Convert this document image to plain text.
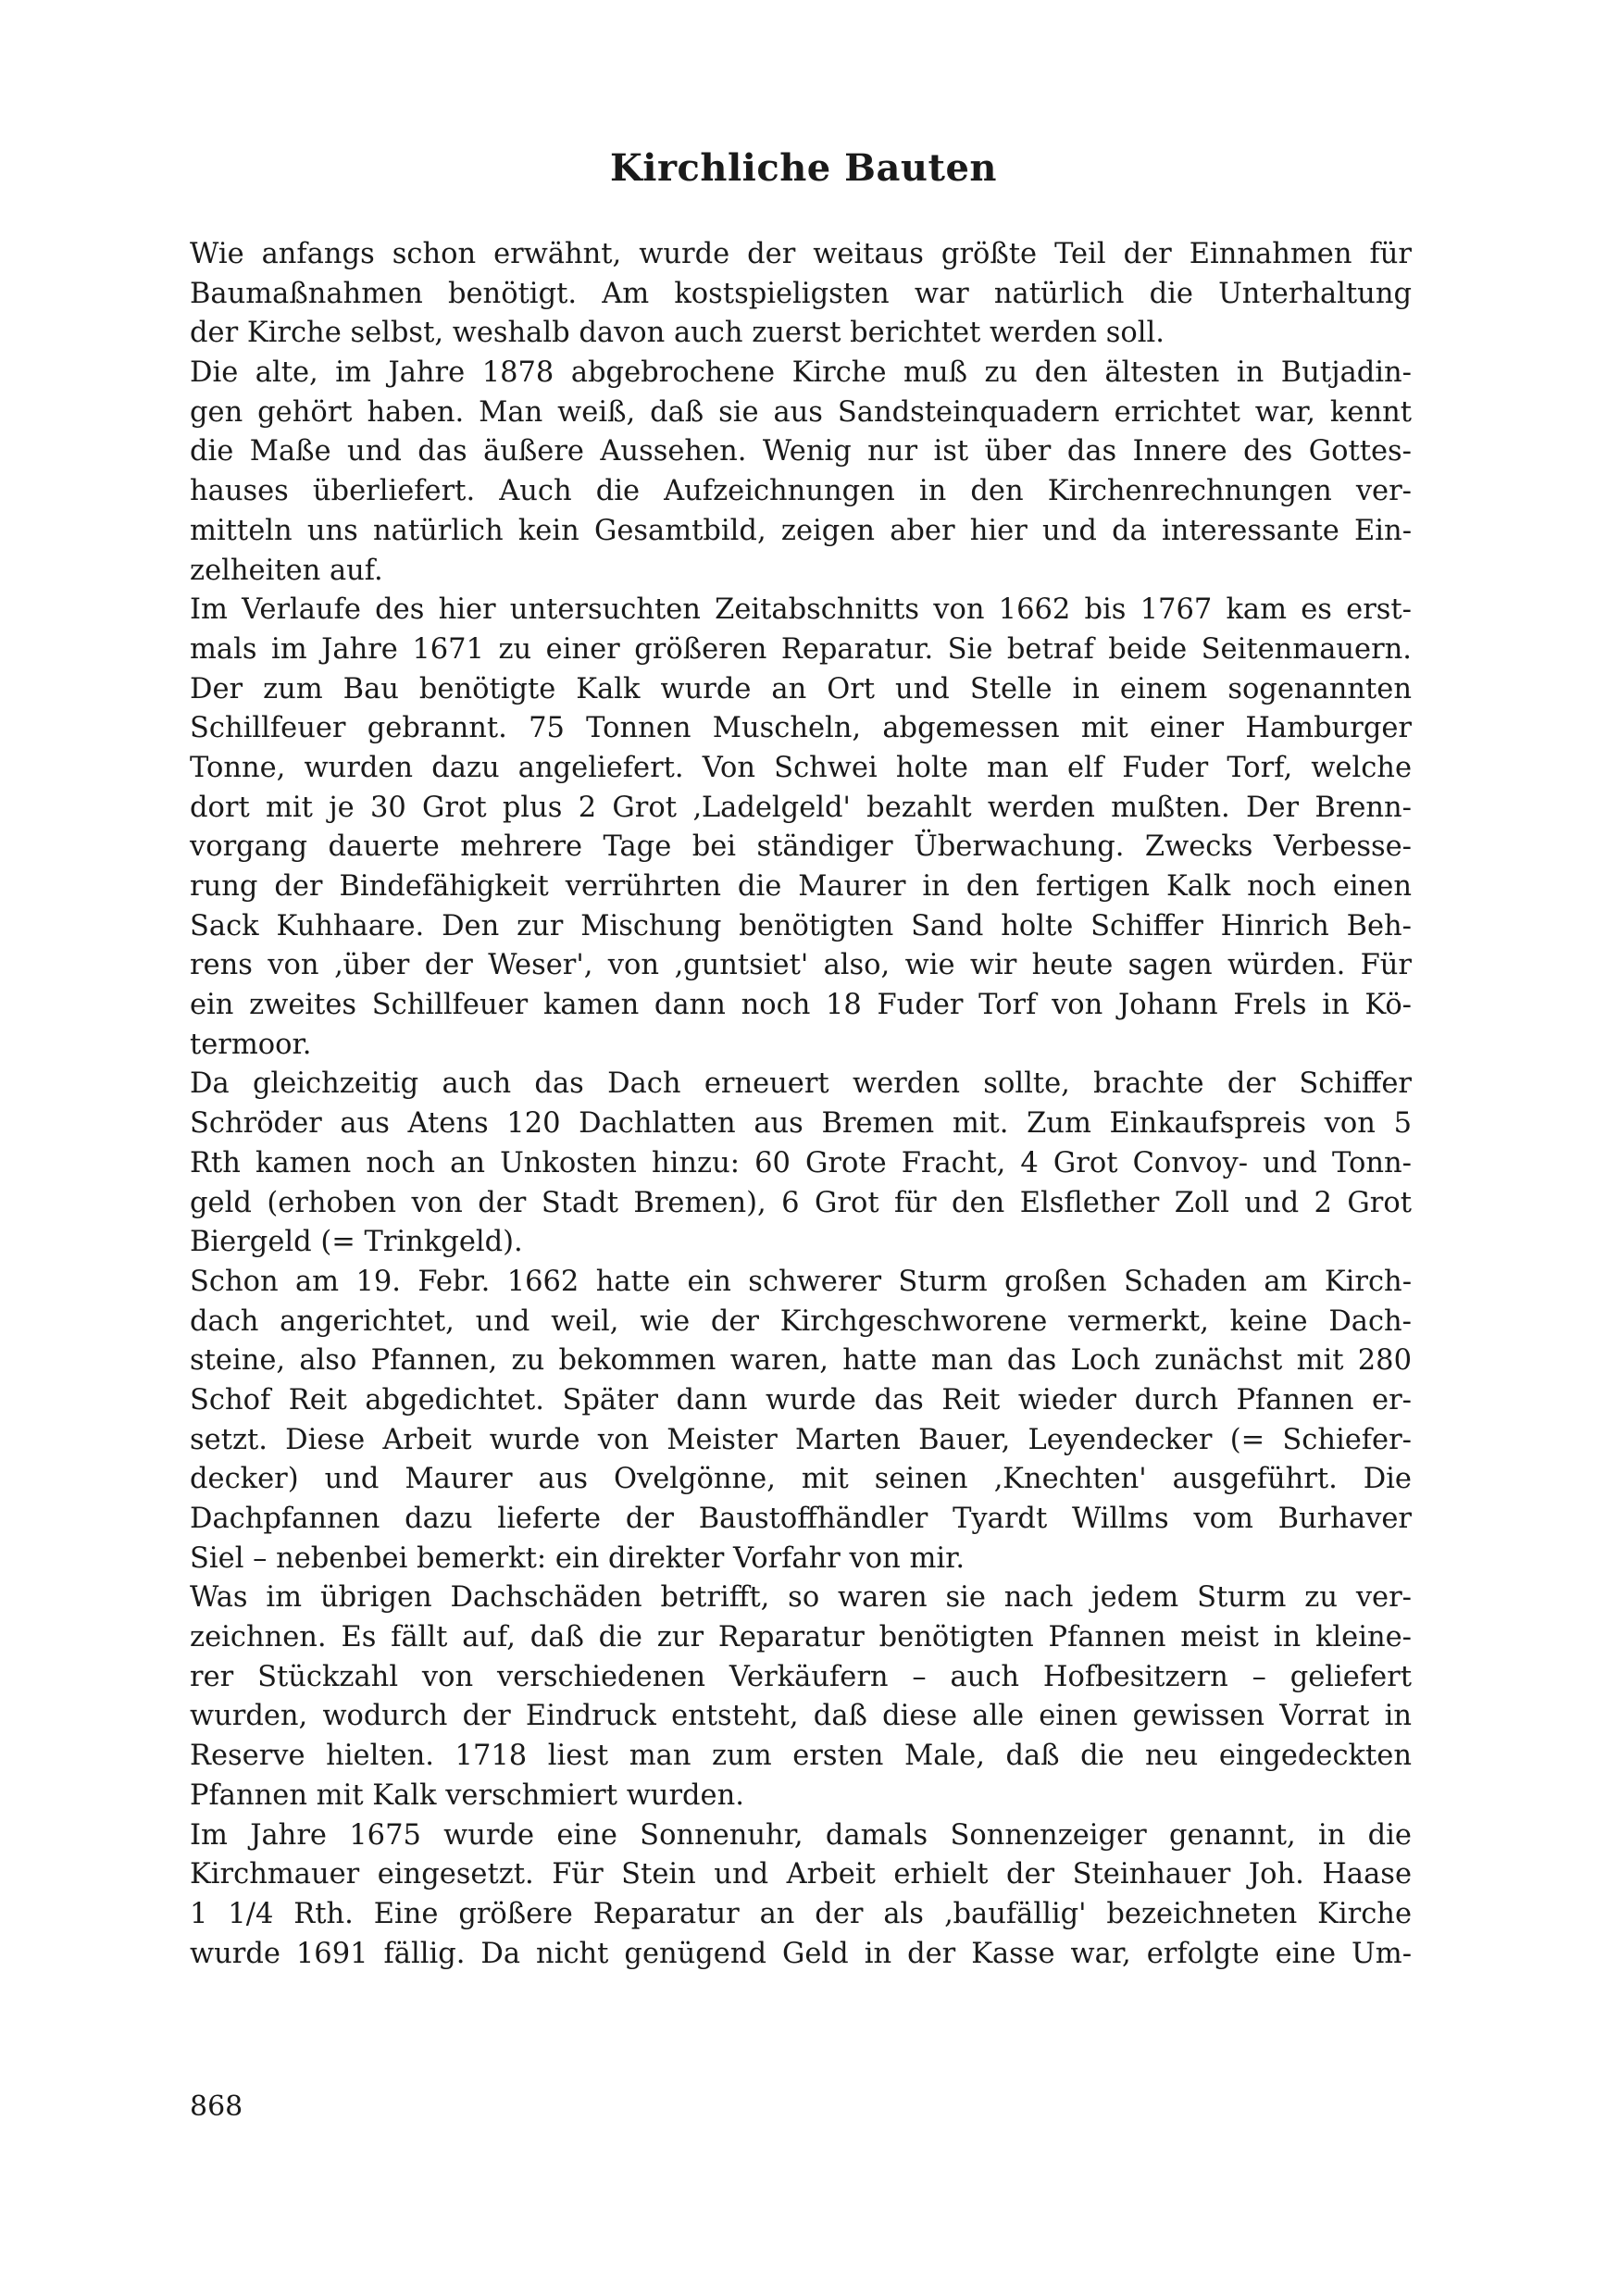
Kirchliche Bauten
Wie anfangs schon erwähnt, wurde der weitaus größte Teil der Einnahmen für
Baumaßnahmen benötigt. Am kostspieligsten war natürlich die Unterhaltung
der Kirche selbst, weshalb davon auch zuerst berichtet werden soll.
Die alte, im Jahre 1878 abgebrochene Kirche muß zu den ältesten in Butjadin-
gen gehört haben. Man weiß, daß sie aus Sandsteinquadern errichtet war, kennt
die Maße und das äußere Aussehen. Wenig nur ist über das Innere des Gottes-
hauses überliefert. Auch die Aufzeichnungen in den Kirchenrechnungen ver-
mitteln uns natürlich kein Gesamtbild, zeigen aber hier und da interessante Ein-
zelheiten auf.
Im Verlaufe des hier untersuchten Zeitabschnitts von 1662 bis 1767 kam es erst-
mals im Jahre 1671 zu einer größeren Reparatur. Sie betraf beide Seitenmauern.
Der zum Bau benötigte Kalk wurde an Ort und Stelle in einem sogenannten
Schillfeuer gebrannt. 75 Tonnen Muscheln, abgemessen mit einer Hamburger
Tonne, wurden dazu angeliefert. Von Schwei holte man elf Fuder Torf, welche
dort mit je 30 Grot plus 2 Grot ‚Ladelgeld' bezahlt werden mußten. Der Brenn-
vorgang dauerte mehrere Tage bei ständiger Überwachung. Zwecks Verbesse-
rung der Bindefähigkeit verrührten die Maurer in den fertigen Kalk noch einen
Sack Kuhhaare. Den zur Mischung benötigten Sand holte Schiffer Hinrich Beh-
rens von ‚über der Weser', von ‚guntsiet' also, wie wir heute sagen würden. Für
ein zweites Schillfeuer kamen dann noch 18 Fuder Torf von Johann Frels in Kö-
termoor.
Da gleichzeitig auch das Dach erneuert werden sollte, brachte der Schiffer
Schröder aus Atens 120 Dachlatten aus Bremen mit. Zum Einkaufspreis von 5
Rth kamen noch an Unkosten hinzu: 60 Grote Fracht, 4 Grot Convoy- und Tonn-
geld (erhoben von der Stadt Bremen), 6 Grot für den Elsflether Zoll und 2 Grot
Biergeld (= Trinkgeld).
Schon am 19. Febr. 1662 hatte ein schwerer Sturm großen Schaden am Kirch-
dach angerichtet, und weil, wie der Kirchgeschworene vermerkt, keine Dach-
steine, also Pfannen, zu bekommen waren, hatte man das Loch zunächst mit 280
Schof Reit abgedichtet. Später dann wurde das Reit wieder durch Pfannen er-
setzt. Diese Arbeit wurde von Meister Marten Bauer, Leyendecker (= Schiefer-
decker) und Maurer aus Ovelgönne, mit seinen ‚Knechten' ausgeführt. Die
Dachpfannen dazu lieferte der Baustoffhändler Tyardt Willms vom Burhaver
Siel – nebenbei bemerkt: ein direkter Vorfahr von mir.
Was im übrigen Dachschäden betrifft, so waren sie nach jedem Sturm zu ver-
zeichnen. Es fällt auf, daß die zur Reparatur benötigten Pfannen meist in kleine-
rer Stückzahl von verschiedenen Verkäufern – auch Hofbesitzern – geliefert
wurden, wodurch der Eindruck entsteht, daß diese alle einen gewissen Vorrat in
Reserve hielten. 1718 liest man zum ersten Male, daß die neu eingedeckten
Pfannen mit Kalk verschmiert wurden.
Im Jahre 1675 wurde eine Sonnenuhr, damals Sonnenzeiger genannt, in die
Kirchmauer eingesetzt. Für Stein und Arbeit erhielt der Steinhauer Joh. Haase
1 1/4 Rth. Eine größere Reparatur an der als ‚baufällig' bezeichneten Kirche
wurde 1691 fällig. Da nicht genügend Geld in der Kasse war, erfolgte eine Um-

868
